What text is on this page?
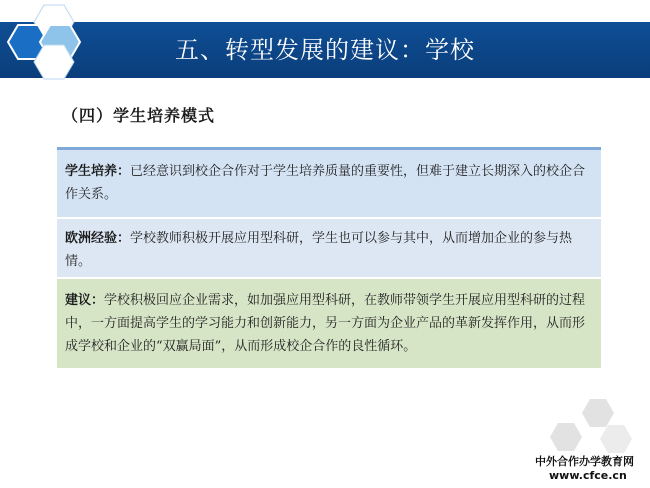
五、转型发展的建议：学校
（四）学生培养模式
学生培养：已经意识到校企合作对于学生培养质量的重要性，但难于建立长期深入的校企合作关系。
欧洲经验：学校教师积极开展应用型科研，学生也可以参与其中，从而增加企业的参与热情。
建议：学校积极回应企业需求，如加强应用型科研，在教师带领学生开展应用型科研的过程中，一方面提高学生的学习能力和创新能力，另一方面为企业产品的革新发挥作用，从而形成学校和企业的“双赢局面”，从而形成校企合作的良性循环。
中外合作办学教育网
www.cfce.cn
